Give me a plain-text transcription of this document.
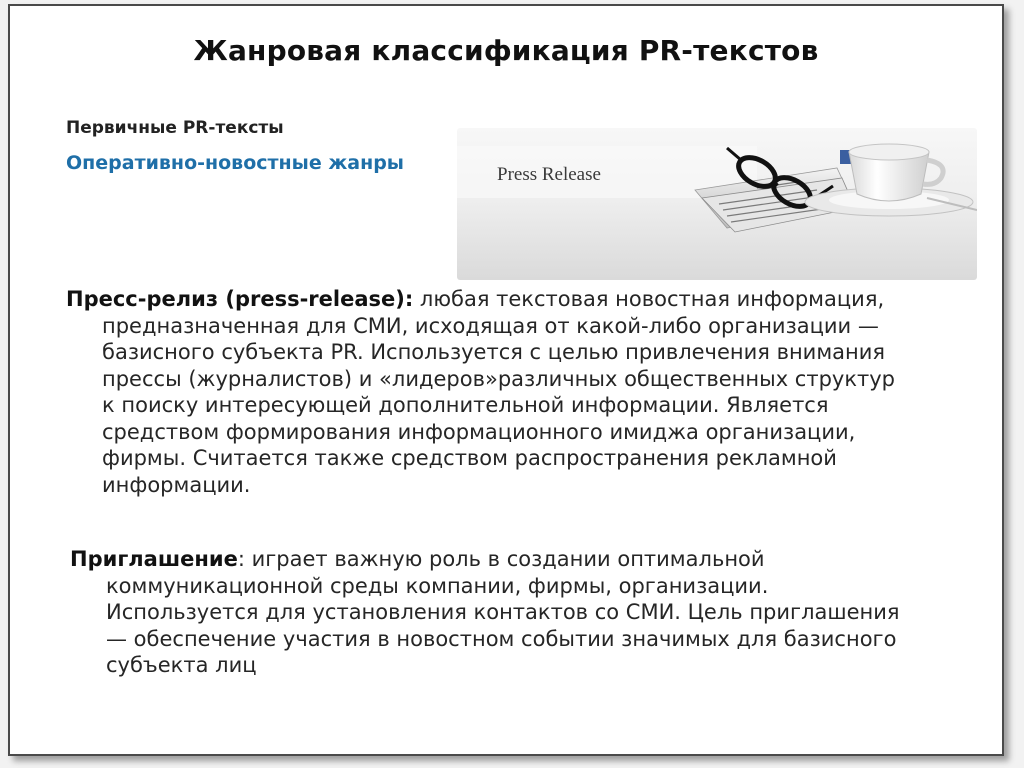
Жанровая классификация PR-текстов
Первичные PR-тексты
Оперативно-новостные жанры
Press Release
Пресс-релиз (press-release): любая текстовая новостная информация,
предназначенная для СМИ, исходящая от какой-либо организации —
базисного субъекта PR. Используется с целью привлечения внимания
прессы (журналистов) и «лидеров»различных общественных структур
к поиску интересующей дополнительной информации. Является
средством формирования информационного имиджа организации,
фирмы. Считается также средством распространения рекламной
информации.
Приглашение: играет важную роль в создании оптимальной
коммуникационной среды компании, фирмы, организации.
Используется для установления контактов со СМИ. Цель приглашения
— обеспечение участия в новостном событии значимых для базисного
субъекта лиц
